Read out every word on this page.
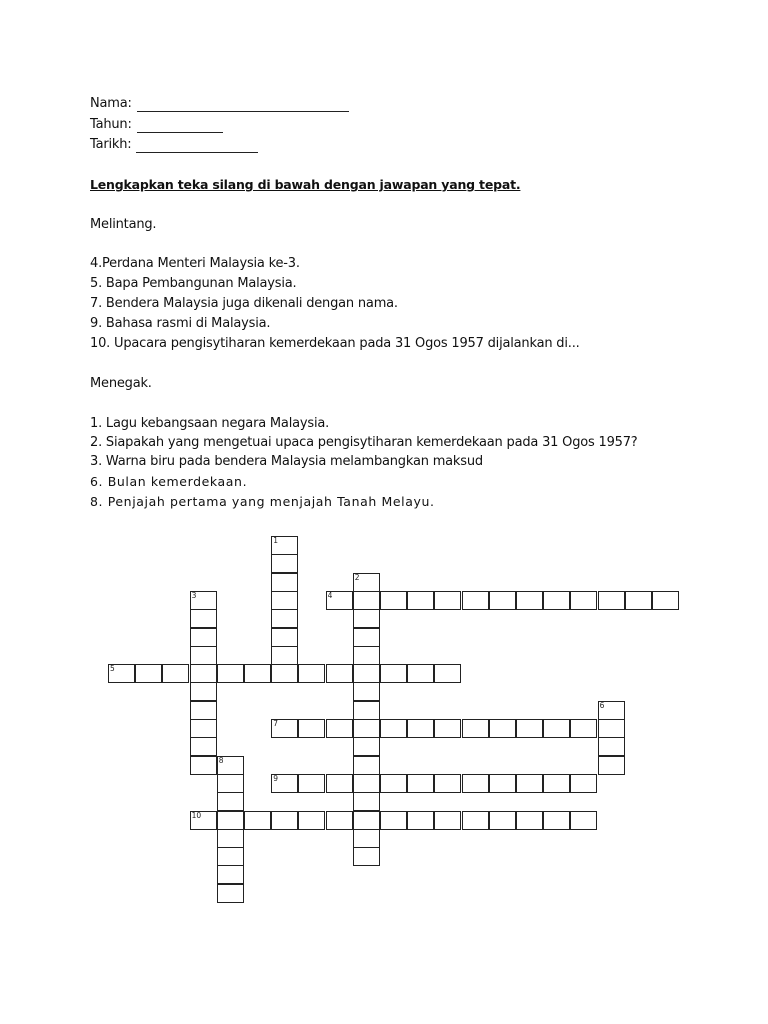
Nama:
Tahun:
Tarikh:

Lengkapkan teka silang di bawah dengan jawapan yang tepat.

Melintang.

4.Perdana Menteri Malaysia ke-3.

5. Bapa Pembangunan Malaysia.

7. Bendera Malaysia juga dikenali dengan nama.

9. Bahasa rasmi di Malaysia.

10. Upacara pengisytiharan kemerdekaan pada 31 Ogos 1957 dijalankan di...

Menegak.

1. Lagu kebangsaan negara Malaysia.

2. Siapakah yang mengetuai upaca pengisytiharan kemerdekaan pada 31 Ogos 1957?

3. Warna biru pada bendera Malaysia melambangkan maksud

6. Bulan kemerdekaan.

8. Penjajah pertama yang menjajah Tanah Melayu.

1
2
3	4
5
6
7
8
9
10
